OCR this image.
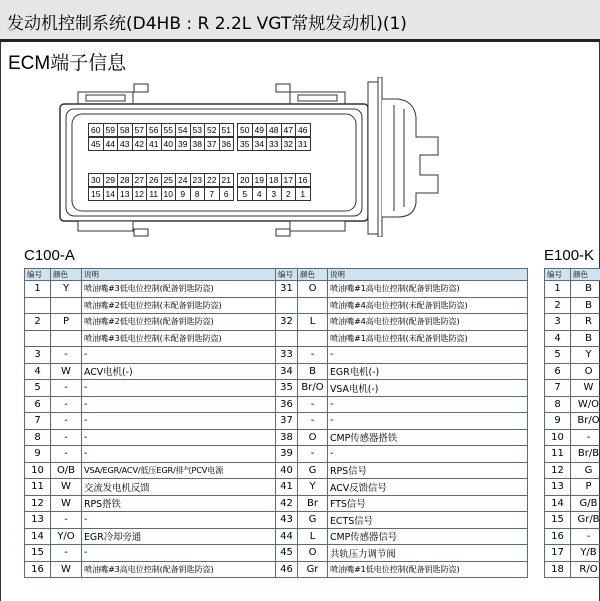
发动机控制系统(D4HB : R 2.2L VGT常规发动机)(1)
ECM端子信息
60 59 58 57 56 55 54 53 52 51	50 49 48 47 46
45 44 43 42 41 40 39 38 37 36	35 34 33 32 31
30 29 28 27 26 25 24 23 22 21	20 19 18 17 16
15 14 13 12 11 10 9	8	7	6	5	4	3	2	1
C100-A	E100-K
编号	颜色	说明	编号	颜色	说明
1	Y	喷油嘴#3低电位控制(配备钥匙防盗)	31	O	喷油嘴#1高电位控制(配备钥匙防盗)
		喷油嘴#2低电位控制(未配备钥匙防盗)			喷油嘴#4高电位控制(未配备钥匙防盗)
2	P	喷油嘴#2低电位控制(配备钥匙防盗)	32	L	喷油嘴#4高电位控制(配备钥匙防盗)
		喷油嘴#3低电位控制(未配备钥匙防盗)			喷油嘴#1高电位控制(未配备钥匙防盗)
3	-	-	33	-	-
4	W	ACV电机(-)	34	B	EGR电机(-)
5	-	-	35	Br/O	VSA电机(-)
6	-	-	36	-	-
7	-	-	37	-	-
8	-	-	38	O	CMP传感器搭铁
9	-	-	39	-	-
10	O/B	VSA/EGR/ACV/低压EGR/排气PCV电源	40	G	RPS信号
11	W	交流发电机反馈	41	Y	ACV反馈信号
12	W	RPS搭铁	42	Br	FTS信号
13	-	-	43	G	ECTS信号
14	Y/O	EGR冷却旁通	44	L	CMP传感器信号
15	-	-	45	O	共轨压力调节阀
16	W	喷油嘴#3高电位控制(配备钥匙防盗)	46	Gr	喷油嘴#1低电位控制(配备钥匙防盗)
编号	颜色
1	B
2	B
3	R
4	B
5	Y
6	O
7	W
8	W/O
9	Br/O
10	-
11	Br/B
12	G
13	P
14	G/B
15	Gr/B
16	-
17	Y/B
18	R/O
